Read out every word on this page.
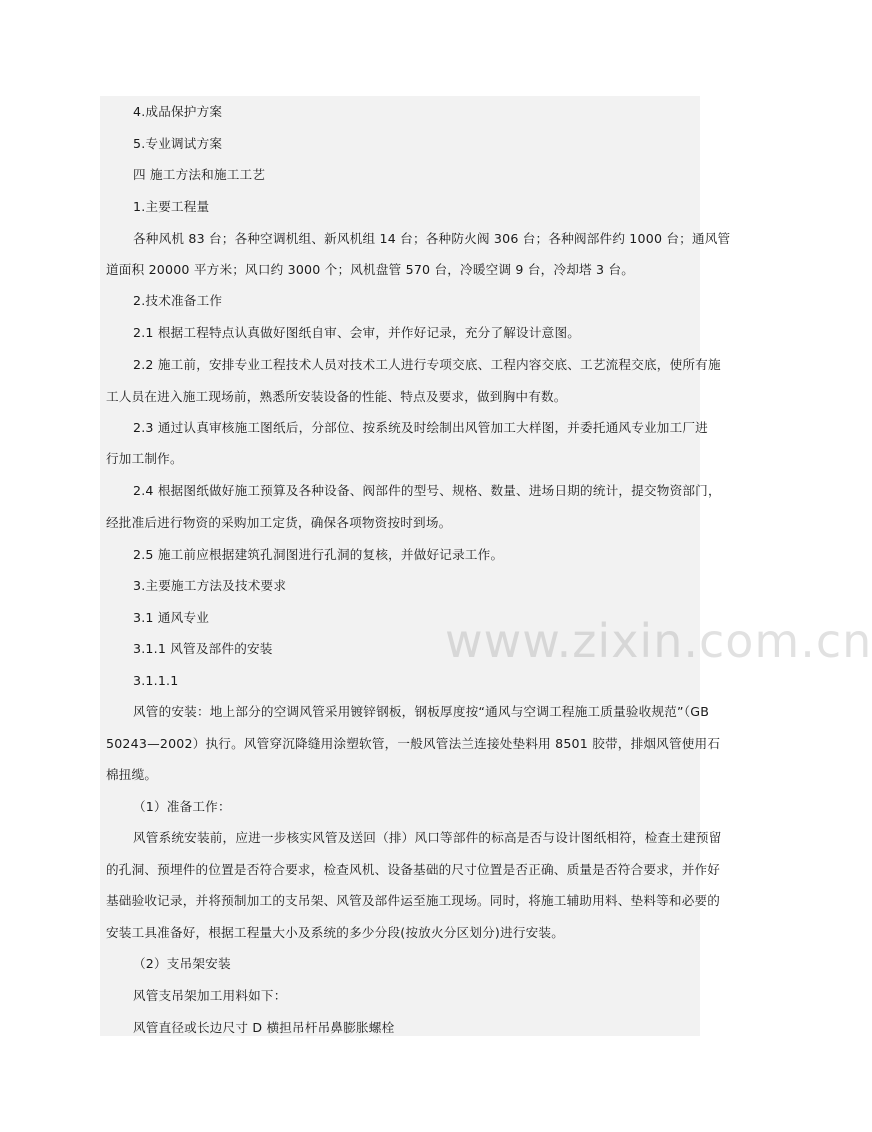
4.成品保护方案

5.专业调试方案

四 施工方法和施工工艺

1.主要工程量

各种风机 83 台；各种空调机组、新风机组 14 台；各种防火阀 306 台；各种阀部件约 1000 台；通风管

道面积 20000 平方米；风口约 3000 个；风机盘管 570 台，冷暖空调 9 台，冷却塔 3 台。

2.技术准备工作

2.1 根据工程特点认真做好图纸自审、会审，并作好记录，充分了解设计意图。

2.2 施工前，安排专业工程技术人员对技术工人进行专项交底、工程内容交底、工艺流程交底，使所有施

工人员在进入施工现场前，熟悉所安装设备的性能、特点及要求，做到胸中有数。

2.3 通过认真审核施工图纸后，分部位、按系统及时绘制出风管加工大样图，并委托通风专业加工厂进

行加工制作。

2.4 根据图纸做好施工预算及各种设备、阀部件的型号、规格、数量、进场日期的统计，提交物资部门，

经批准后进行物资的采购加工定货，确保各项物资按时到场。

2.5 施工前应根据建筑孔洞图进行孔洞的复核，并做好记录工作。

3.主要施工方法及技术要求

3.1 通风专业

3.1.1 风管及部件的安装

3.1.1.1

风管的安装：地上部分的空调风管采用镀锌钢板，钢板厚度按“通风与空调工程施工质量验收规范”（GB

50243—2002）执行。风管穿沉降缝用涂塑软管，一般风管法兰连接处垫料用 8501 胶带，排烟风管使用石

棉扭缆。

（1）准备工作：

风管系统安装前，应进一步核实风管及送回（排）风口等部件的标高是否与设计图纸相符，检查土建预留

的孔洞、预埋件的位置是否符合要求，检查风机、设备基础的尺寸位置是否正确、质量是否符合要求，并作好

基础验收记录，并将预制加工的支吊架、风管及部件运至施工现场。同时，将施工辅助用料、垫料等和必要的

安装工具准备好，根据工程量大小及系统的多少分段(按放火分区划分)进行安装。

（2）支吊架安装

风管支吊架加工用料如下：

风管直径或长边尺寸 D 横担吊杆吊鼻膨胀螺栓

www.zixin.com.cn
